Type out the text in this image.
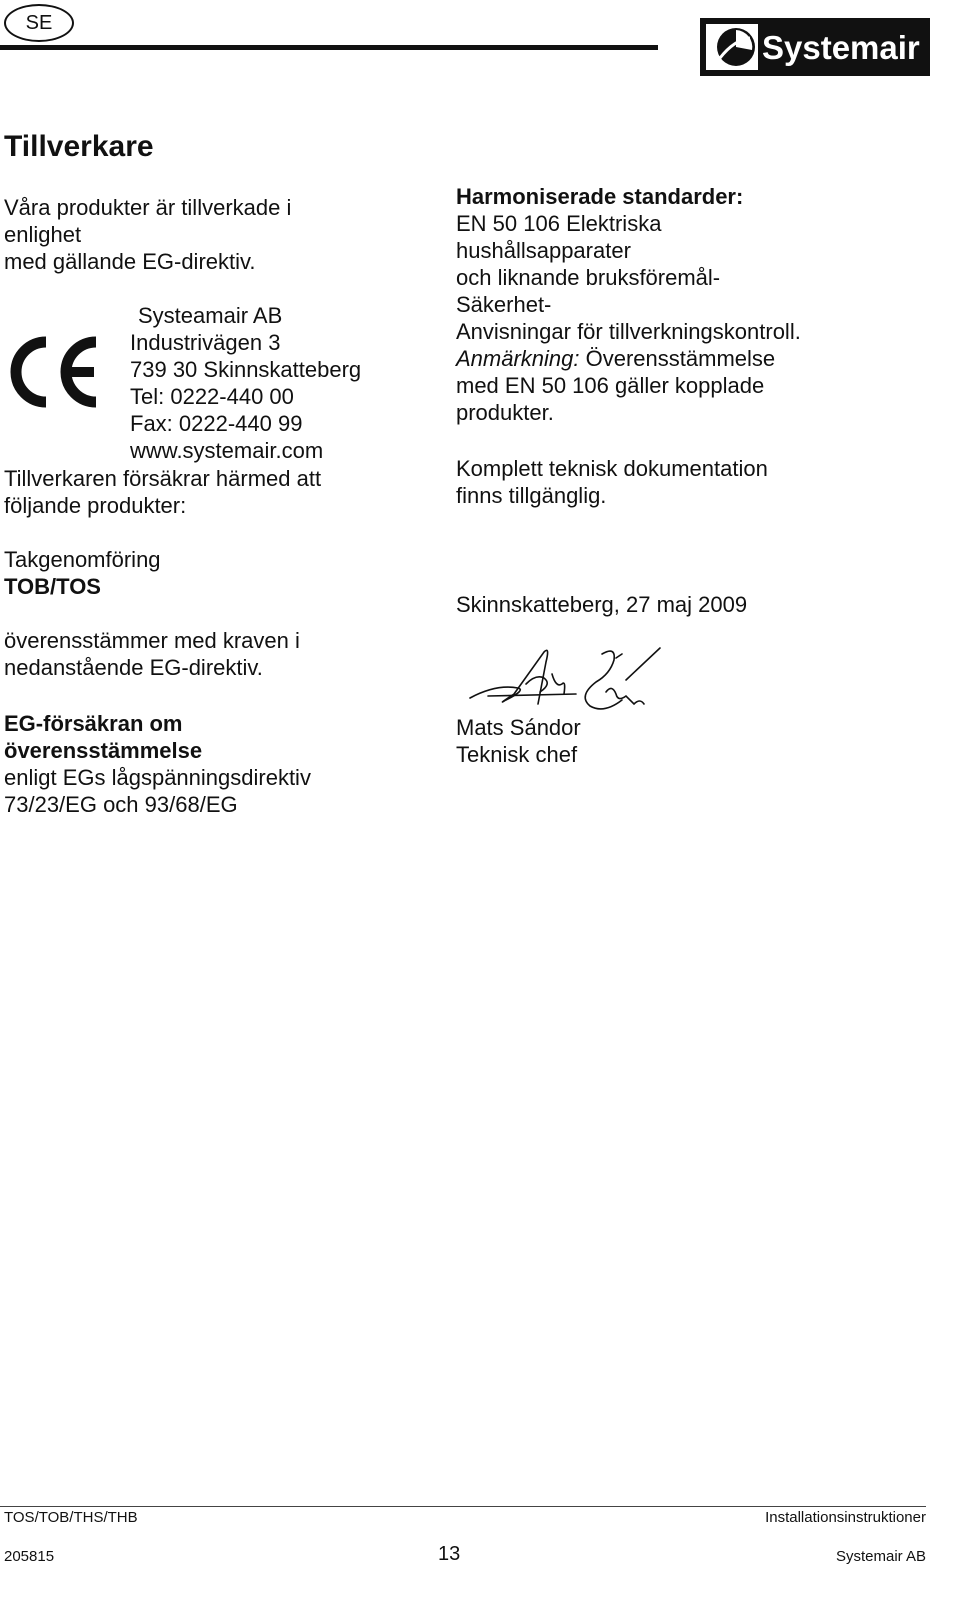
SE
Systemair
Tillverkare
Våra produkter är tillverkade i
enlighet
med gällande EG-direktiv.
Systeamair AB
Industrivägen 3
739 30 Skinnskatteberg
Tel: 0222-440 00
Fax: 0222-440 99
www.systemair.com
Tillverkaren försäkrar härmed att
följande produkter:
Takgenomföring
TOB/TOS
överensstämmer med kraven i
nedanstående EG-direktiv.
EG-försäkran om
överensstämmelse
enligt EGs lågspänningsdirektiv
73/23/EG och 93/68/EG
Harmoniserade standarder:
EN 50 106 Elektriska
hushållsapparater
och liknande bruksföremål-
Säkerhet-
Anvisningar för tillverkningskontroll.
Anmärkning: Överensstämmelse
med EN 50 106 gäller kopplade
produkter.
Komplett teknisk dokumentation
finns tillgänglig.
Skinnskatteberg, 27 maj 2009
Mats Sándor
Teknisk chef
TOS/TOB/THS/THB	Installationsinstruktioner
205815	13	Systemair AB
